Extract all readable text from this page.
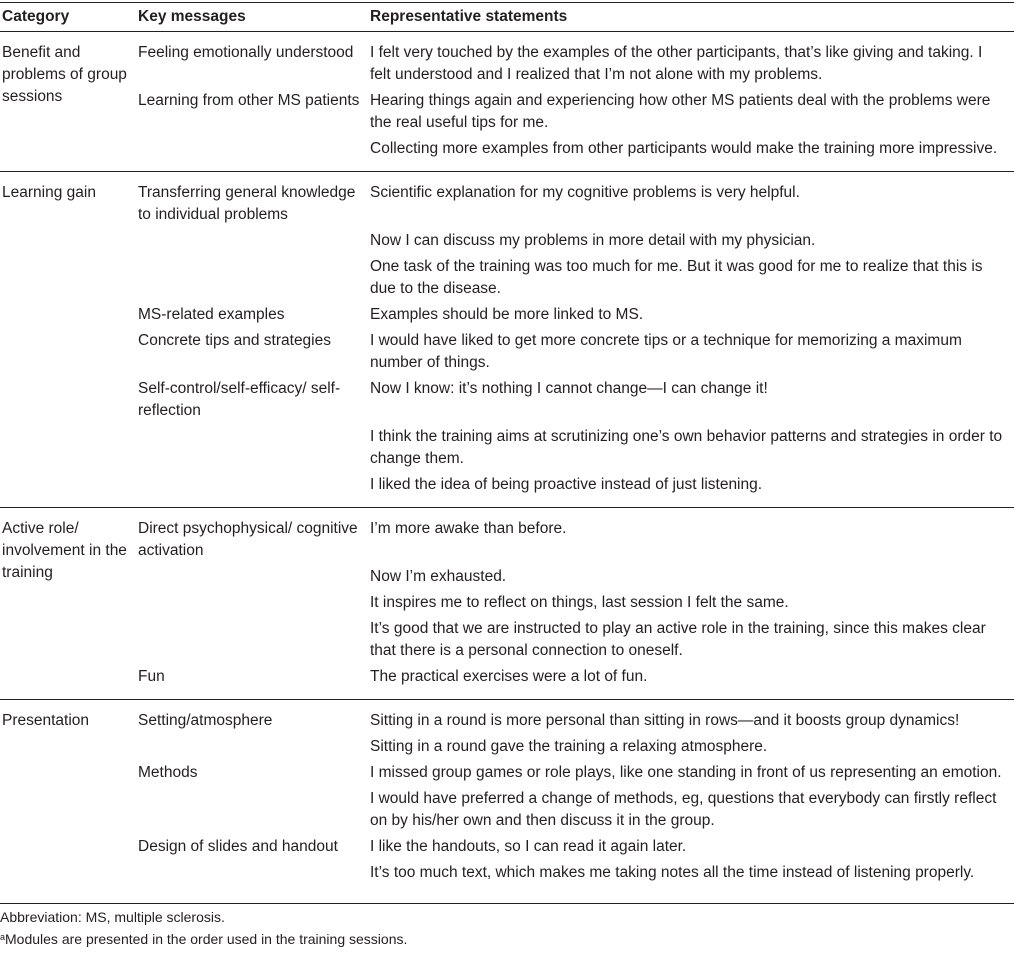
Category	Key messages	Representative statements

Benefit and problems of group sessions	Feeling emotionally understood	I felt very touched by the examples of the other participants, that’s like giving and taking. I felt understood and I realized that I’m not alone with my problems.
	Learning from other MS patients	Hearing things again and experiencing how other MS patients deal with the problems were the real useful tips for me.
		Collecting more examples from other participants would make the training more impressive.

Learning gain	Transferring general knowledge to individual problems	Scientific explanation for my cognitive problems is very helpful.
		Now I can discuss my problems in more detail with my physician.
		One task of the training was too much for me. But it was good for me to realize that this is due to the disease.
	MS-related examples	Examples should be more linked to MS.
	Concrete tips and strategies	I would have liked to get more concrete tips or a technique for memorizing a maximum number of things.
	Self-control/self-efficacy/ self-reflection	Now I know: it’s nothing I cannot change—I can change it!
		I think the training aims at scrutinizing one’s own behavior patterns and strategies in order to change them.
		I liked the idea of being proactive instead of just listening.

Active role/ involvement in the training	Direct psychophysical/ cognitive activation	I’m more awake than before.
		Now I’m exhausted.
		It inspires me to reflect on things, last session I felt the same.
		It’s good that we are instructed to play an active role in the training, since this makes clear that there is a personal connection to oneself.
	Fun	The practical exercises were a lot of fun.

Presentation	Setting/atmosphere	Sitting in a round is more personal than sitting in rows—and it boosts group dynamics!
		Sitting in a round gave the training a relaxing atmosphere.
	Methods	I missed group games or role plays, like one standing in front of us representing an emotion.
		I would have preferred a change of methods, eg, questions that everybody can firstly reflect on by his/her own and then discuss it in the group.
	Design of slides and handout	I like the handouts, so I can read it again later.
		It’s too much text, which makes me taking notes all the time instead of listening properly.
Abbreviation: MS, multiple sclerosis.
$^a$Modules are presented in the order used in the training sessions.
